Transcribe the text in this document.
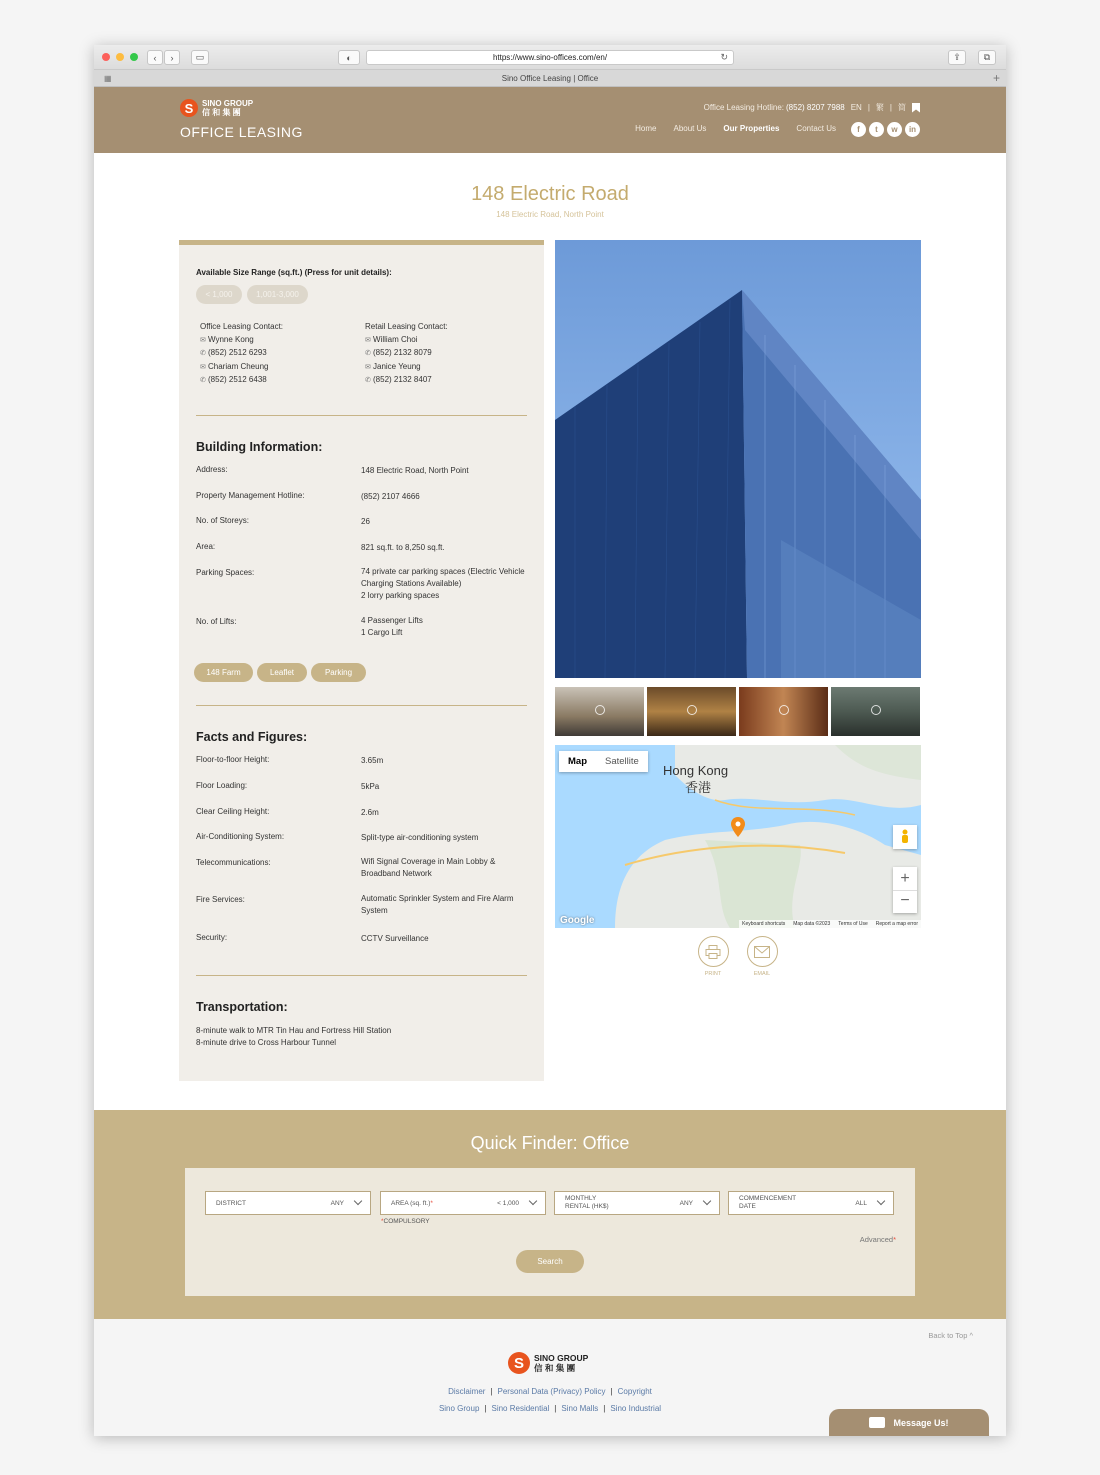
‹	›	▭	◐	https://www.sino-offices.com/en/	↻	⇪	⧉
▦	Sino Office Leasing | Office	+
S	SINO GROUP
信 和 集 團
OFFICE LEASING
Office Leasing Hotline: (852) 8207 7988 EN | 繁 | 简
Home About Us Our Properties Contact Us	f	t	w	in
148 Electric Road
148 Electric Road, North Point
Available Size Range (sq.ft.) (Press for unit details):
< 1,000	1,001-3,000
Office Leasing Contact:
✉ Wynne Kong
✆ (852) 2512 6293
✉ Chariam Cheung
✆ (852) 2512 6438
Retail Leasing Contact:
✉ William Choi
✆ (852) 2132 8079
✉ Janice Yeung
✆ (852) 2132 8407
Building Information:
Address:	148 Electric Road, North Point
Property Management Hotline:	(852) 2107 4666
No. of Storeys:	26
Area:	821 sq.ft. to 8,250 sq.ft.
Parking Spaces:	74 private car parking spaces (Electric Vehicle Charging Stations Available)
2 lorry parking spaces
No. of Lifts:	4 Passenger Lifts
1 Cargo Lift
148 Farm	Leaflet	Parking
Facts and Figures:
Floor-to-floor Height:	3.65m
Floor Loading:	5kPa
Clear Ceiling Height:	2.6m
Air-Conditioning System:	Split-type air-conditioning system
Telecommunications:	Wifi Signal Coverage in Main Lobby & Broadband Network
Fire Services:	Automatic Sprinkler System and Fire Alarm System
Security:	CCTV Surveillance
Transportation:
8-minute walk to MTR Tin Hau and Fortress Hill Station
8-minute drive to Cross Harbour Tunnel
Map	Satellite
Hong Kong
香港
+
−
Google	Keyboard shortcuts Map data ©2023 Terms of Use Report a map error
PRINT	EMAIL
Quick Finder: Office
DISTRICT	ANY	AREA (sq. ft.)*	< 1,000
MONTHLY
RENTAL (HK$)	ANY
COMMENCEMENT
DATE	ALL
*COMPULSORY
Advanced*
Search
Back to Top ^
S	SINO GROUP
信 和 集 團
Disclaimer | Personal Data (Privacy) Policy | Copyright
Sino Group | Sino Residential | Sino Malls | Sino Industrial
Message Us!
